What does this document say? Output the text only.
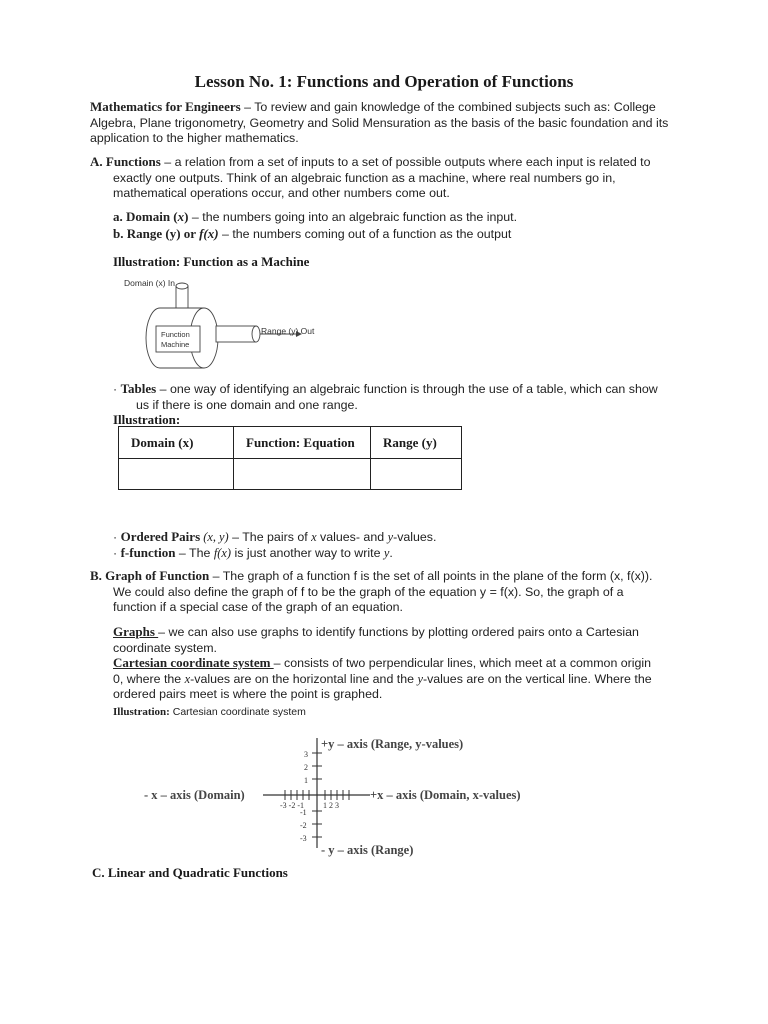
Lesson No. 1: Functions and Operation of Functions
Mathematics for Engineers – To review and gain knowledge of the combined subjects such as: College
Algebra, Plane trigonometry, Geometry and Solid Mensuration as the basis of the basic foundation and its
application to the higher mathematics.
A. Functions – a relation from a set of inputs to a set of possible outputs where each input is related to
exactly one outputs. Think of an algebraic function as a machine, where real numbers go in,
mathematical operations occur, and other numbers come out.
a. Domain (x) – the numbers going into an algebraic function as the input.
b. Range (y) or f(x) – the numbers coming out of a function as the output
Illustration: Function as a Machine
Domain (x) In
Function
Machine
Range (y) Out
· Tables – one way of identifying an algebraic function is through the use of a table, which can show
us if there is one domain and one range.
Illustration:
Domain (x)	Function: Equation	Range (y)

· Ordered Pairs (x, y) – The pairs of x values- and y-values.
· f-function – The f(x) is just another way to write y.
B. Graph of Function – The graph of a function f is the set of all points in the plane of the form (x, f(x)).
We could also define the graph of f to be the graph of the equation y = f(x). So, the graph of a
function if a special case of the graph of an equation.
Graphs – we can also use graphs to identify functions by plotting ordered pairs onto a Cartesian
coordinate system.
Cartesian coordinate system – consists of two perpendicular lines, which meet at a common origin
0, where the x-values are on the horizontal line and the y-values are on the vertical line. Where the
ordered pairs meet is where the point is graphed.
Illustration: Cartesian coordinate system
3
2
1
-1
-2
-3
-3 -2 -1 1 2 3
+y – axis (Range, y-values)
- x – axis (Domain)	+x – axis (Domain, x-values)
- y – axis (Range)
C. Linear and Quadratic Functions
